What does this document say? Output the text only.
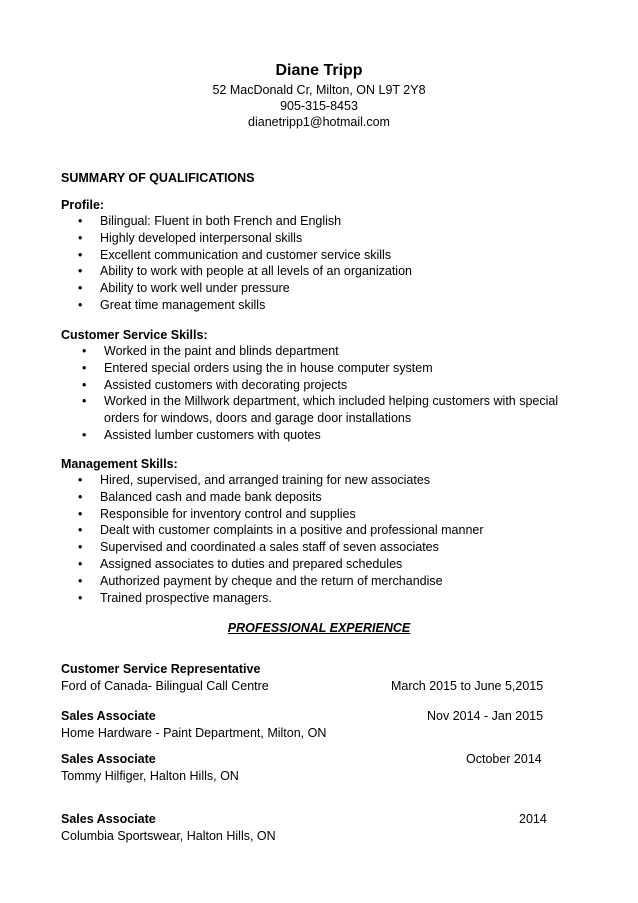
Diane Tripp
52 MacDonald Cr, Milton, ON L9T 2Y8
905-315-8453
dianetripp1@hotmail.com
SUMMARY OF QUALIFICATIONS
Profile:
• Bilingual: Fluent in both French and English
• Highly developed interpersonal skills
• Excellent communication and customer service skills
• Ability to work with people at all levels of an organization
• Ability to work well under pressure
• Great time management skills
Customer Service Skills:
• Worked in the paint and blinds department
• Entered special orders using the in house computer system
• Assisted customers with decorating projects
• Worked in the Millwork department, which included helping customers with special orders for windows, doors and garage door installations
• Assisted lumber customers with quotes
Management Skills:
• Hired, supervised, and arranged training for new associates
• Balanced cash and made bank deposits
• Responsible for inventory control and supplies
• Dealt with customer complaints in a positive and professional manner
• Supervised and coordinated a sales staff of seven associates
• Assigned associates to duties and prepared schedules
• Authorized payment by cheque and the return of merchandise
• Trained prospective managers.
PROFESSIONAL EXPERIENCE
Customer Service Representative
Ford of Canada- Bilingual Call Centre	March 2015 to June 5,2015
Sales Associate
Home Hardware - Paint Department, Milton, ON
Nov 2014 - Jan 2015
Sales Associate
Tommy Hilfiger, Halton Hills, ON
October 2014
Sales Associate
Columbia Sportswear, Halton Hills, ON
2014
